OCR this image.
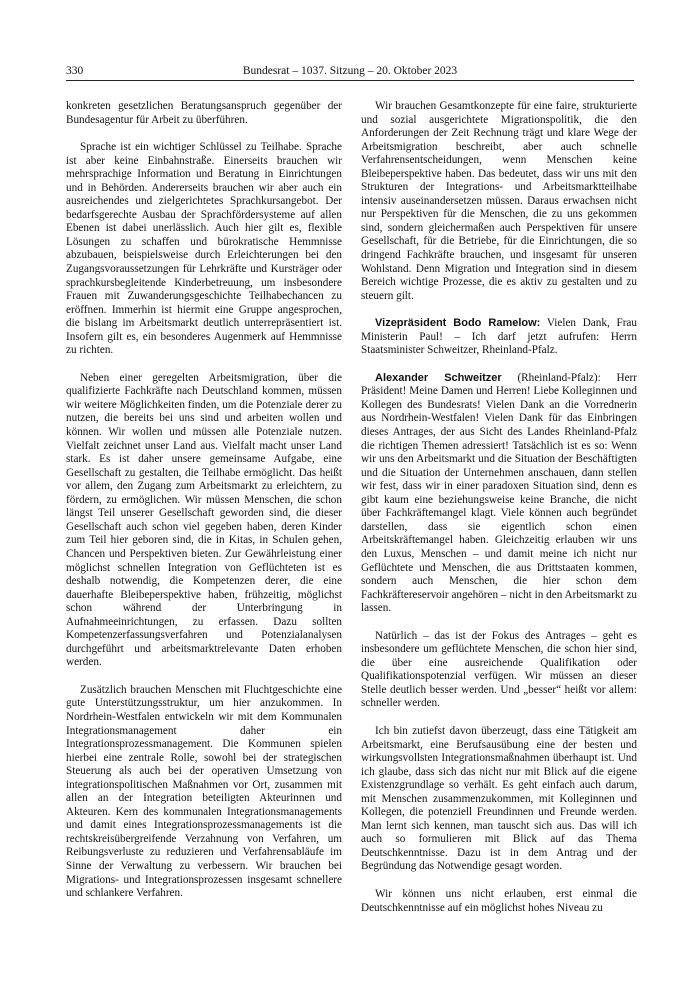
330	Bundesrat – 1037. Sitzung – 20. Oktober 2023

konkreten gesetzlichen Beratungsanspruch gegenüber der Bundesagentur für Arbeit zu überführen.

Sprache ist ein wichtiger Schlüssel zu Teilhabe. Sprache ist aber keine Einbahnstraße. Einerseits brauchen wir mehrsprachige Information und Beratung in Einrichtungen und in Behörden. Andererseits brauchen wir aber auch ein ausreichendes und zielgerichtetes Sprachkursangebot. Der bedarfsgerechte Ausbau der Sprachfördersysteme auf allen Ebenen ist dabei unerlässlich. Auch hier gilt es, flexible Lösungen zu schaffen und bürokratische Hemmnisse abzubauen, beispielsweise durch Erleichterungen bei den Zugangsvoraussetzungen für Lehrkräfte und Kursträger oder sprachkursbegleitende Kinderbetreuung, um insbesondere Frauen mit Zuwanderungsgeschichte Teilhabechancen zu eröffnen. Immerhin ist hiermit eine Gruppe angesprochen, die bislang im Arbeitsmarkt deutlich unterrepräsentiert ist. Insofern gilt es, ein besonderes Augenmerk auf Hemmnisse zu richten.

Neben einer geregelten Arbeitsmigration, über die qualifizierte Fachkräfte nach Deutschland kommen, müssen wir weitere Möglichkeiten finden, um die Potenziale derer zu nutzen, die bereits bei uns sind und arbeiten wollen und können. Wir wollen und müssen alle Potenziale nutzen. Vielfalt zeichnet unser Land aus. Vielfalt macht unser Land stark. Es ist daher unsere gemeinsame Aufgabe, eine Gesellschaft zu gestalten, die Teilhabe ermöglicht. Das heißt vor allem, den Zugang zum Arbeitsmarkt zu erleichtern, zu fördern, zu ermöglichen. Wir müssen Menschen, die schon längst Teil unserer Gesellschaft geworden sind, die dieser Gesellschaft auch schon viel gegeben haben, deren Kinder zum Teil hier geboren sind, die in Kitas, in Schulen gehen, Chancen und Perspektiven bieten. Zur Gewährleistung einer möglichst schnellen Integration von Geflüchteten ist es deshalb notwendig, die Kompetenzen derer, die eine dauerhafte Bleibeperspektive haben, frühzeitig, möglichst schon während der Unterbringung in Aufnahmeeinrichtungen, zu erfassen. Dazu sollten Kompetenzerfassungsverfahren und Potenzialanalysen durchgeführt und arbeitsmarktrelevante Daten erhoben werden.

Zusätzlich brauchen Menschen mit Fluchtgeschichte eine gute Unterstützungsstruktur, um hier anzukommen. In Nordrhein-Westfalen entwickeln wir mit dem Kommunalen Integrationsmanagement daher ein Integrationsprozessmanagement. Die Kommunen spielen hierbei eine zentrale Rolle, sowohl bei der strategischen Steuerung als auch bei der operativen Umsetzung von integrationspolitischen Maßnahmen vor Ort, zusammen mit allen an der Integration beteiligten Akteurinnen und Akteuren. Kern des kommunalen Integrationsmanagements und damit eines Integrationsprozessmanagements ist die rechtskreisübergreifende Verzahnung von Verfahren, um Reibungsverluste zu reduzieren und Verfahrensabläufe im Sinne der Verwaltung zu verbessern. Wir brauchen bei Migrations- und Integrationsprozessen insgesamt schnellere und schlankere Verfahren.

Wir brauchen Gesamtkonzepte für eine faire, strukturierte und sozial ausgerichtete Migrationspolitik, die den Anforderungen der Zeit Rechnung trägt und klare Wege der Arbeitsmigration beschreibt, aber auch schnelle Verfahrensentscheidungen, wenn Menschen keine Bleibeperspektive haben. Das bedeutet, dass wir uns mit den Strukturen der Integrations- und Arbeitsmarktteilhabe intensiv auseinandersetzen müssen. Daraus erwachsen nicht nur Perspektiven für die Menschen, die zu uns gekommen sind, sondern gleichermaßen auch Perspektiven für unsere Gesellschaft, für die Betriebe, für die Einrichtungen, die so dringend Fachkräfte brauchen, und insgesamt für unseren Wohlstand. Denn Migration und Integration sind in diesem Bereich wichtige Prozesse, die es aktiv zu gestalten und zu steuern gilt.

Vizepräsident Bodo Ramelow: Vielen Dank, Frau Ministerin Paul! – Ich darf jetzt aufrufen: Herrn Staatsminister Schweitzer, Rheinland-Pfalz.

Alexander Schweitzer (Rheinland-Pfalz): Herr Präsident! Meine Damen und Herren! Liebe Kolleginnen und Kollegen des Bundesrats! Vielen Dank an die Vorrednerin aus Nordrhein-Westfalen! Vielen Dank für das Einbringen dieses Antrages, der aus Sicht des Landes Rheinland-Pfalz die richtigen Themen adressiert! Tatsächlich ist es so: Wenn wir uns den Arbeitsmarkt und die Situation der Beschäftigten und die Situation der Unternehmen anschauen, dann stellen wir fest, dass wir in einer paradoxen Situation sind, denn es gibt kaum eine beziehungsweise keine Branche, die nicht über Fachkräftemangel klagt. Viele können auch begründet darstellen, dass sie eigentlich schon einen Arbeitskräftemangel haben. Gleichzeitig erlauben wir uns den Luxus, Menschen – und damit meine ich nicht nur Geflüchtete und Menschen, die aus Drittstaaten kommen, sondern auch Menschen, die hier schon dem Fachkräftereservoir angehören – nicht in den Arbeitsmarkt zu lassen.

Natürlich – das ist der Fokus des Antrages – geht es insbesondere um geflüchtete Menschen, die schon hier sind, die über eine ausreichende Qualifikation oder Qualifikationspotenzial verfügen. Wir müssen an dieser Stelle deutlich besser werden. Und „besser“ heißt vor allem: schneller werden.

Ich bin zutiefst davon überzeugt, dass eine Tätigkeit am Arbeitsmarkt, eine Berufsausübung eine der besten und wirkungsvollsten Integrationsmaßnahmen überhaupt ist. Und ich glaube, dass sich das nicht nur mit Blick auf die eigene Existenzgrundlage so verhält. Es geht einfach auch darum, mit Menschen zusammenzukommen, mit Kolleginnen und Kollegen, die potenziell Freundinnen und Freunde werden. Man lernt sich kennen, man tauscht sich aus. Das will ich auch so formulieren mit Blick auf das Thema Deutschkenntnisse. Dazu ist in dem Antrag und der Begründung das Notwendige gesagt worden.

Wir können uns nicht erlauben, erst einmal die Deutschkenntnisse auf ein möglichst hohes Niveau zu
